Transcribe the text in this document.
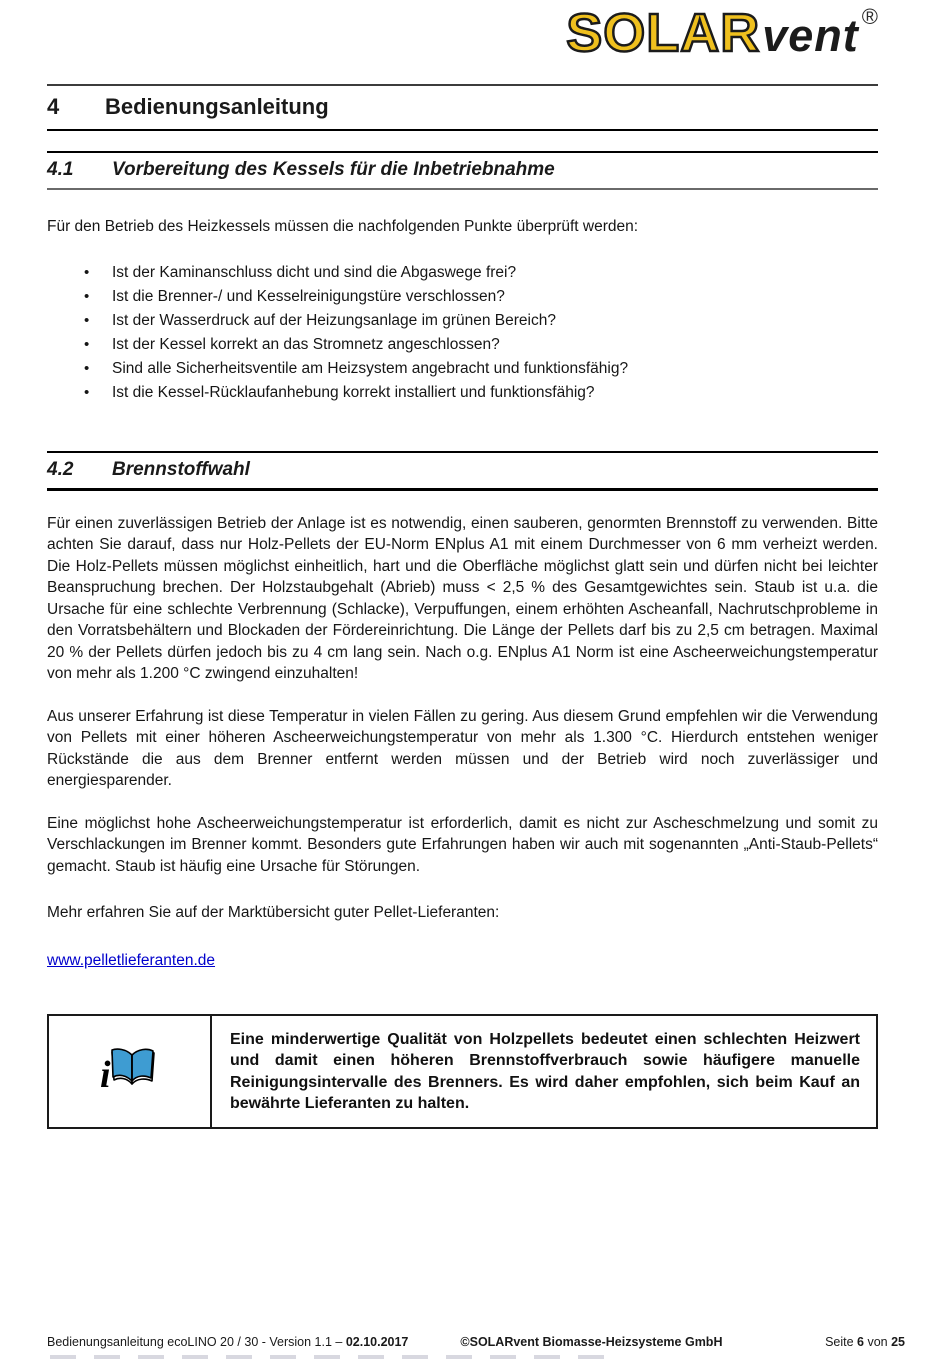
SOLAR vent ®
4	Bedienungsanleitung
4.1	Vorbereitung des Kessels für die Inbetriebnahme

Für den Betrieb des Heizkessels müssen die nachfolgenden Punkte überprüft werden:

• Ist der Kaminanschluss dicht und sind die Abgaswege frei?
• Ist die Brenner-/ und Kesselreinigungstüre verschlossen?
• Ist der Wasserdruck auf der Heizungsanlage im grünen Bereich?
• Ist der Kessel korrekt an das Stromnetz angeschlossen?
• Sind alle Sicherheitsventile am Heizsystem angebracht und funktionsfähig?
• Ist die Kessel-Rücklaufanhebung korrekt installiert und funktionsfähig?
4.2	Brennstoffwahl

Für einen zuverlässigen Betrieb der Anlage ist es notwendig, einen sauberen, genormten Brennstoff zu verwenden. Bitte achten Sie darauf, dass nur Holz-Pellets der EU-Norm ENplus A1 mit einem Durchmesser von 6 mm verheizt werden. Die Holz-Pellets müssen möglichst einheitlich, hart und die Oberfläche möglichst glatt sein und dürfen nicht bei leichter Beanspruchung brechen. Der Holzstaubgehalt (Abrieb) muss < 2,5 % des Gesamtgewichtes sein. Staub ist u.a. die Ursache für eine schlechte Verbrennung (Schlacke), Verpuffungen, einem erhöhten Ascheanfall, Nachrutschprobleme in den Vorratsbehältern und Blockaden der Fördereinrichtung. Die Länge der Pellets darf bis zu 2,5 cm betragen. Maximal 20 % der Pellets dürfen jedoch bis zu 4 cm lang sein. Nach o.g. ENplus A1 Norm ist eine Ascheerweichungstemperatur von mehr als 1.200 °C zwingend einzuhalten!

Aus unserer Erfahrung ist diese Temperatur in vielen Fällen zu gering. Aus diesem Grund empfehlen wir die Verwendung von Pellets mit einer höheren Ascheerweichungstemperatur von mehr als 1.300 °C. Hierdurch entstehen weniger Rückstände die aus dem Brenner entfernt werden müssen und der Betrieb wird noch zuverlässiger und energiesparender.

Eine möglichst hohe Ascheerweichungstemperatur ist erforderlich, damit es nicht zur Ascheschmelzung und somit zu Verschlackungen im Brenner kommt. Besonders gute Erfahrungen haben wir auch mit sogenannten „Anti-Staub-Pellets“ gemacht. Staub ist häufig eine Ursache für Störungen.

Mehr erfahren Sie auf der Marktübersicht guter Pellet-Lieferanten:

www.pelletlieferanten.de
i
Eine minderwertige Qualität von Holzpellets bedeutet einen schlechten Heizwert und damit einen höheren Brennstoffverbrauch sowie häufigere manuelle Reinigungsintervalle des Brenners. Es wird daher empfohlen, sich beim Kauf an bewährte Lieferanten zu halten.
Bedienungsanleitung ecoLINO 20 / 30 - Version 1.1 – 02.10.2017	©SOLARvent Biomasse-Heizsysteme GmbH	Seite 6 von 25
